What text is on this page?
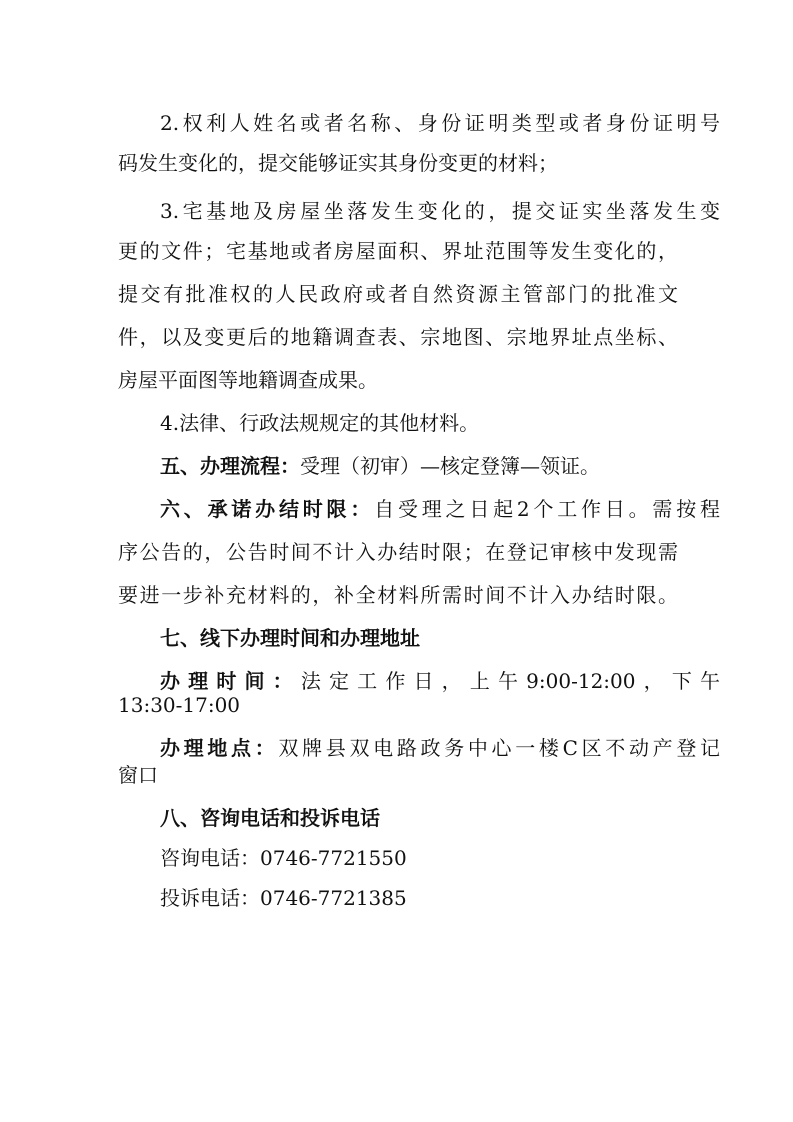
2.权利人姓名或者名称、身份证明类型或者身份证明号
码发生变化的，提交能够证实其身份变更的材料；
3.宅基地及房屋坐落发生变化的，提交证实坐落发生变
更的文件；宅基地或者房屋面积、界址范围等发生变化的，
提交有批准权的人民政府或者自然资源主管部门的批准文
件，以及变更后的地籍调查表、宗地图、宗地界址点坐标、
房屋平面图等地籍调查成果。
4.法律、行政法规规定的其他材料。
五、办理流程：受理（初审）—核定登簿—领证。
六、承诺办结时限：自受理之日起2个工作日。需按程
序公告的，公告时间不计入办结时限；在登记审核中发现需
要进一步补充材料的，补全材料所需时间不计入办结时限。
七、线下办理时间和办理地址
办理时间：法定工作日，上午9:00-12:00，下午
13:30-17:00
办理地点：双牌县双电路政务中心一楼C区不动产登记
窗口
八、咨询电话和投诉电话
咨询电话：0746-7721550
投诉电话：0746-7721385
